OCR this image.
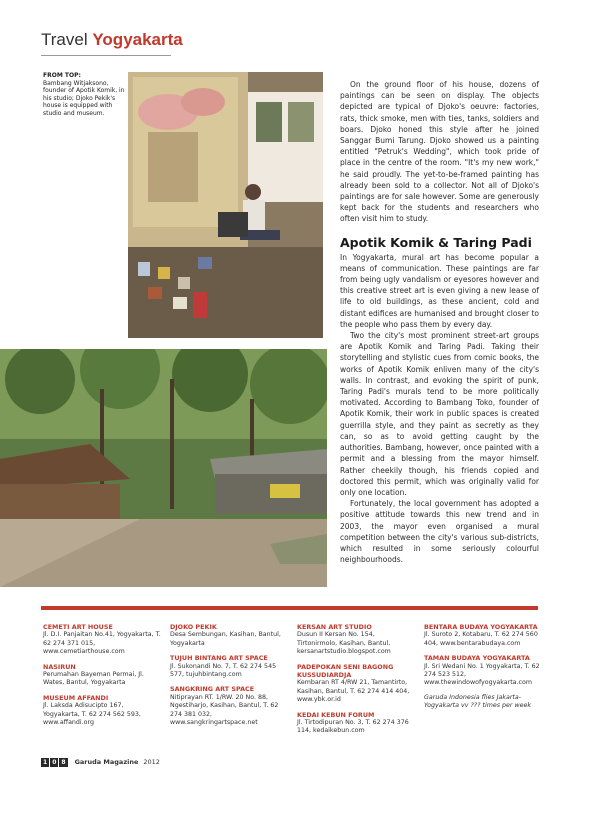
Travel Yogyakarta
FROM TOP:
Bambang Witjaksono, founder of Apotik Komik, in his studio; Djoko Pekik's house is equipped with studio and museum.

On the ground floor of his house, dozens of paintings can be seen on display. The objects depicted are typical of Djoko's oeuvre: factories, rats, thick smoke, men with ties, tanks, soldiers and boars. Djoko honed this style after he joined Sanggar Bumi Tarung. Djoko showed us a painting entitled "Petruk's Wedding", which took pride of place in the centre of the room. "It's my new work," he said proudly. The yet-to-be-framed painting has already been sold to a collector. Not all of Djoko's paintings are for sale however. Some are generously kept back for the students and researchers who often visit him to study.

Apotik Komik & Taring Padi

In Yogyakarta, mural art has become popular a means of communication. These paintings are far from being ugly vandalism or eyesores however and this creative street art is even giving a new lease of life to old buildings, as these ancient, cold and distant edifices are humanised and brought closer to the people who pass them by every day.

Two the city's most prominent street-art groups are Apotik Komik and Taring Padi. Taking their storytelling and stylistic cues from comic books, the works of Apotik Komik enliven many of the city's walls. In contrast, and evoking the spirit of punk, Taring Padi's murals tend to be more politically motivated. According to Bambang Toko, founder of Apotik Komik, their work in public spaces is created guerrilla style, and they paint as secretly as they can, so as to avoid getting caught by the authorities. Bambang, however, once painted with a permit and a blessing from the mayor himself. Rather cheekily though, his friends copied and doctored this permit, which was originally valid for only one location.

Fortunately, the local government has adopted a positive attitude towards this new trend and in 2003, the mayor even organised a mural competition between the city's various sub-districts, which resulted in some seriously colourful neighbourhoods.

CEMETI ART HOUSE
Jl. D.I. Panjaitan No.41, Yogyakarta, T. 62 274 371 015, www.cemetiarthouse.com
NASIRUN
Perumahan Bayeman Permai, Jl. Wates, Bantul, Yogyakarta
MUSEUM AFFANDI
Jl. Laksda Adisucipto 167, Yogyakarta, T. 62 274 562 593, www.affandi.org
DJOKO PEKIK
Desa Sembungan, Kasihan, Bantul, Yogyakarta
TUJUH BINTANG ART SPACE
Jl. Sukonandi No. 7, T. 62 274 545 577, tujuhbintang.com
SANGKRING ART SPACE
Nitiprayan RT. 1/RW. 20 No. 88, Ngestiharjo, Kasihan, Bantul, T. 62 274 381 032, www.sangkringartspace.net
KERSAN ART STUDIO
Dusun II Kersan No. 154, Tirtonirmolo, Kasihan, Bantul, kersanartstudio.blogspot.com
PADEPOKAN SENI BAGONG KUSSUDIARDJA
Kembaran RT 4/RW 21, Tamantirto, Kasihan, Bantul, T. 62 274 414 404, www.ybk.or.id
KEDAI KEBUN FORUM
Jl. Tirtodipuran No. 3, T. 62 274 376 114, kedaikebun.com
BENTARA BUDAYA YOGYAKARTA
Jl. Suroto 2, Kotabaru, T. 62 274 560 404, www.bentarabudaya.com
TAMAN BUDAYA YOGYAKARTA
Jl. Sri Wedani No. 1 Yogyakarta, T. 62 274 523 512, www.thewindowofyogyakarta.com
Garuda Indonesia flies Jakarta-Yogyakarta vv ??? times per week
1 0 8	Garuda Magazine 2012
